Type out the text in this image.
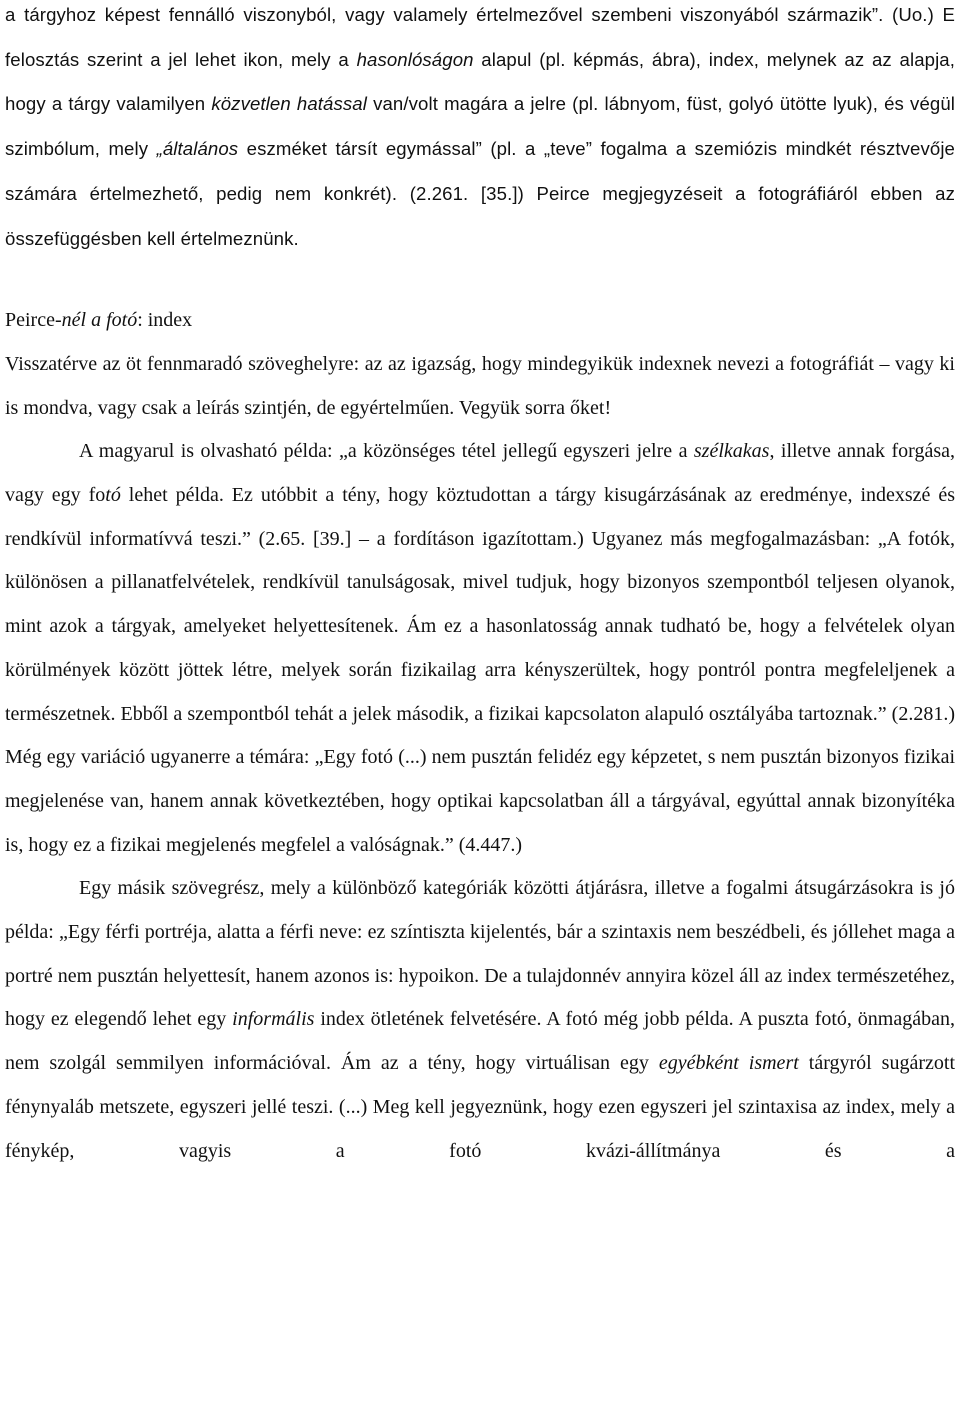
a tárgyhoz képest fennálló viszonyból, vagy valamely értelmezővel szembeni viszonyából származik”. (Uo.) E felosztás szerint a jel lehet ikon, mely a hasonlóságon alapul (pl. képmás, ábra), index, melynek az az alapja, hogy a tárgy valamilyen közvetlen hatással van/volt magára a jelre (pl. lábnyom, füst, golyó ütötte lyuk), és végül szimbólum, mely „általános eszméket társít egymással” (pl. a „teve” fogalma a szemiózis mindkét résztvevője számára értelmezhető, pedig nem konkrét). (2.261. [35.]) Peirce megjegyzéseit a fotográfiáról ebben az összefüggésben kell értelmeznünk.

Peirce-nél a fotó: index

Visszatérve az öt fennmaradó szöveghelyre: az az igazság, hogy mindegyikük indexnek nevezi a fotográfiát – vagy ki is mondva, vagy csak a leírás szintjén, de egyértelműen. Vegyük sorra őket!

A magyarul is olvasható példa: „a közönséges tétel jellegű egyszeri jelre a szélkakas, illetve annak forgása, vagy egy fotó lehet példa. Ez utóbbit a tény, hogy köztudottan a tárgy kisugárzásának az eredménye, indexszé és rendkívül informatívvá teszi.” (2.65. [39.] – a fordításon igazítottam.) Ugyanez más megfogalmazásban: „A fotók, különösen a pillanatfelvételek, rendkívül tanulságosak, mivel tudjuk, hogy bizonyos szempontból teljesen olyanok, mint azok a tárgyak, amelyeket helyettesítenek. Ám ez a hasonlatosság annak tudható be, hogy a felvételek olyan körülmények között jöttek létre, melyek során fizikailag arra kényszerültek, hogy pontról pontra megfeleljenek a természetnek. Ebből a szempontból tehát a jelek második, a fizikai kapcsolaton alapuló osztályába tartoznak.” (2.281.) Még egy variáció ugyanerre a témára: „Egy fotó (...) nem pusztán felidéz egy képzetet, s nem pusztán bizonyos fizikai megjelenése van, hanem annak következtében, hogy optikai kapcsolatban áll a tárgyával, egyúttal annak bizonyítéka is, hogy ez a fizikai megjelenés megfelel a valóságnak.” (4.447.)

Egy másik szövegrész, mely a különböző kategóriák közötti átjárásra, illetve a fogalmi átsugárzásokra is jó példa: „Egy férfi portréja, alatta a férfi neve: ez színtiszta kijelentés, bár a szintaxis nem beszédbeli, és jóllehet maga a portré nem pusztán helyettesít, hanem azonos is: hypoikon. De a tulajdonnév annyira közel áll az index természetéhez, hogy ez elegendő lehet egy informális index ötletének felvetésére. A fotó még jobb példa. A puszta fotó, önmagában, nem szolgál semmilyen információval. Ám az a tény, hogy virtuálisan egy egyébként ismert tárgyról sugárzott fénynyaláb metszete, egyszeri jellé teszi. (...) Meg kell jegyeznünk, hogy ezen egyszeri jel szintaxisa az index, mely a fénykép, vagyis a fotó kvázi-állítmánya és a
